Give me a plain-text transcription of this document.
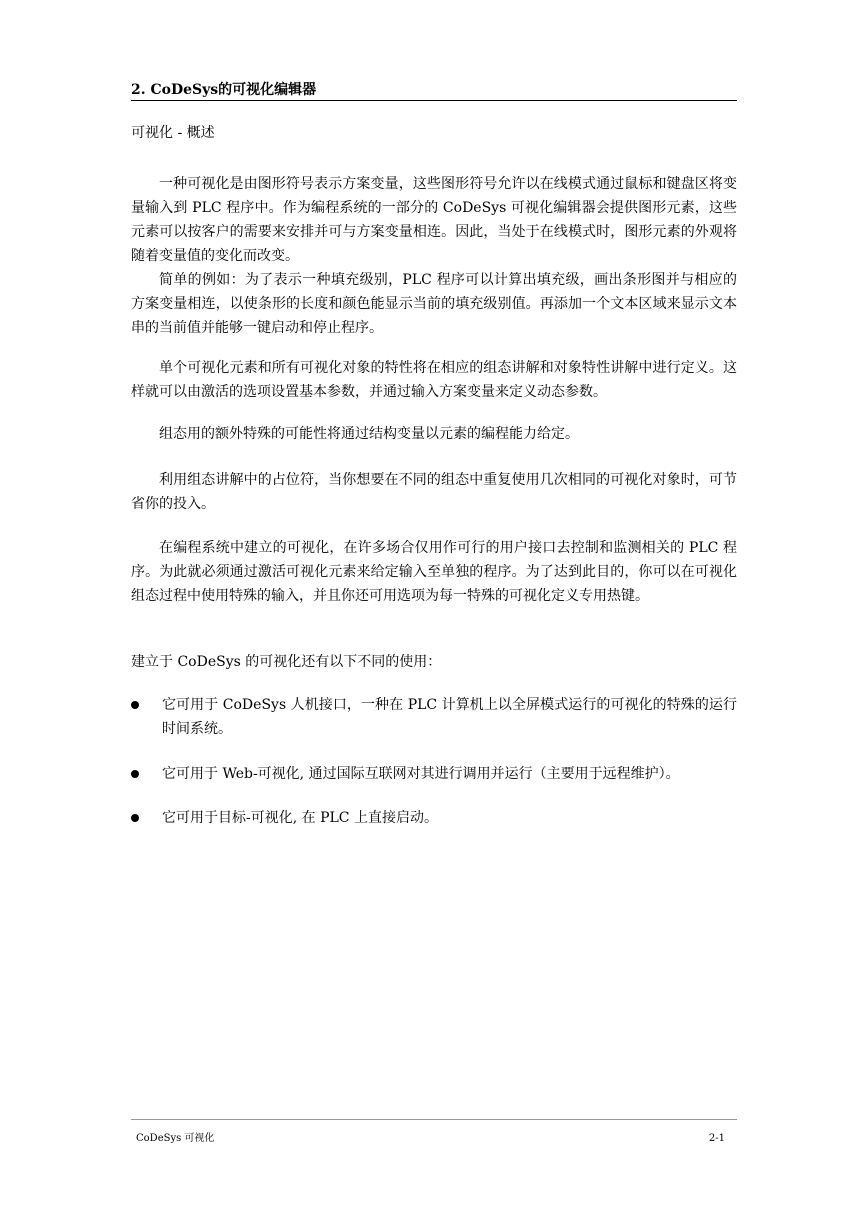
2. CoDeSys的可视化编辑器
可视化 - 概述

一种可视化是由图形符号表示方案变量，这些图形符号允许以在线模式通过鼠标和键盘区将变量输入到 PLC 程序中。作为编程系统的一部分的 CoDeSys 可视化编辑器会提供图形元素，这些元素可以按客户的需要来安排并可与方案变量相连。因此，当处于在线模式时，图形元素的外观将随着变量值的变化而改变。

简单的例如：为了表示一种填充级别，PLC 程序可以计算出填充级，画出条形图并与相应的方案变量相连，以使条形的长度和颜色能显示当前的填充级别值。再添加一个文本区域来显示文本串的当前值并能够一键启动和停止程序。

单个可视化元素和所有可视化对象的特性将在相应的组态讲解和对象特性讲解中进行定义。这样就可以由激活的选项设置基本参数，并通过输入方案变量来定义动态参数。

组态用的额外特殊的可能性将通过结构变量以元素的编程能力给定。

利用组态讲解中的占位符，当你想要在不同的组态中重复使用几次相同的可视化对象时，可节省你的投入。

在编程系统中建立的可视化，在许多场合仅用作可行的用户接口去控制和监测相关的 PLC 程序。为此就必须通过激活可视化元素来给定输入至单独的程序。为了达到此目的，你可以在可视化组态过程中使用特殊的输入，并且你还可用选项为每一特殊的可视化定义专用热键。

建立于 CoDeSys 的可视化还有以下不同的使用：

它可用于 CoDeSys 人机接口，一种在 PLC 计算机上以全屏模式运行的可视化的特殊的运行时间系统。
它可用于 Web-可视化, 通过国际互联网对其进行调用并运行（主要用于远程维护）。
它可用于目标-可视化, 在 PLC 上直接启动。
CoDeSys 可视化	2-1
